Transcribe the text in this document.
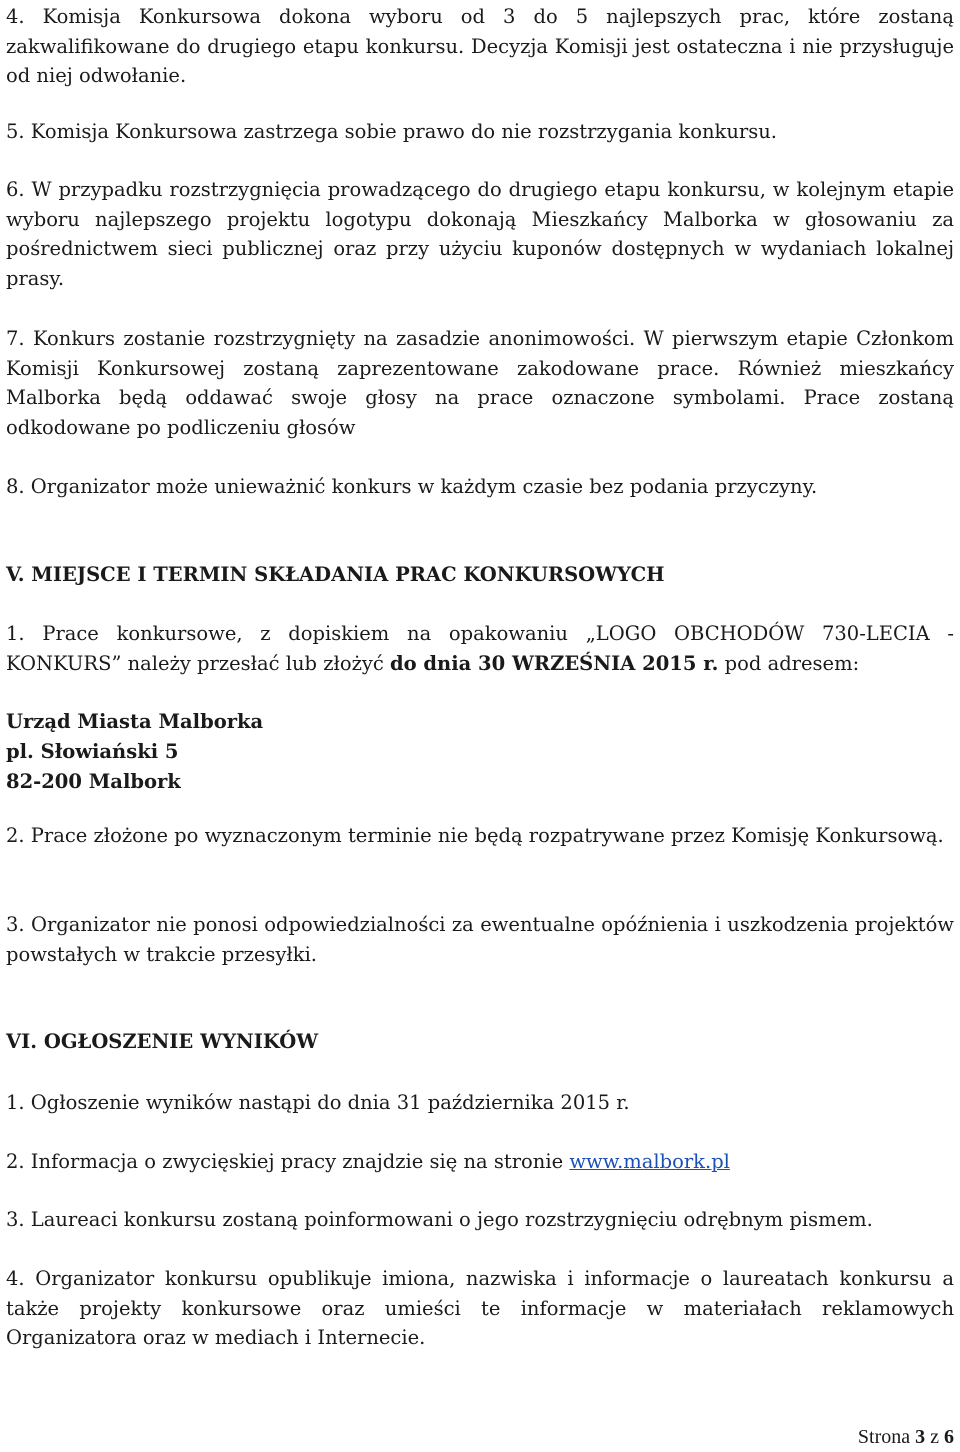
4. Komisja Konkursowa dokona wyboru od 3 do 5 najlepszych prac, które zostaną zakwalifikowane do drugiego etapu konkursu. Decyzja Komisji jest ostateczna i nie przysługuje od niej odwołanie.

5. Komisja Konkursowa zastrzega sobie prawo do nie rozstrzygania konkursu.

6. W przypadku rozstrzygnięcia prowadzącego do drugiego etapu konkursu, w kolejnym etapie wyboru najlepszego projektu logotypu dokonają Mieszkańcy Malborka w głosowaniu za pośrednictwem sieci publicznej oraz przy użyciu kuponów dostępnych w wydaniach lokalnej prasy.

7. Konkurs zostanie rozstrzygnięty na zasadzie anonimowości. W pierwszym etapie Członkom Komisji Konkursowej zostaną zaprezentowane zakodowane prace. Również mieszkańcy Malborka będą oddawać swoje głosy na prace oznaczone symbolami. Prace zostaną odkodowane po podliczeniu głosów

8. Organizator może unieważnić konkurs w każdym czasie bez podania przyczyny.

V. MIEJSCE I TERMIN SKŁADANIA PRAC KONKURSOWYCH

1. Prace konkursowe, z dopiskiem na opakowaniu „LOGO OBCHODÓW 730-LECIA - KONKURS” należy przesłać lub złożyć do dnia 30 WRZEŚNIA 2015 r. pod adresem:

Urząd Miasta Malborka

pl. Słowiański 5

82-200 Malbork

2. Prace złożone po wyznaczonym terminie nie będą rozpatrywane przez Komisję Konkursową.

3. Organizator nie ponosi odpowiedzialności za ewentualne opóźnienia i uszkodzenia projektów powstałych w trakcie przesyłki.

VI. OGŁOSZENIE WYNIKÓW

1. Ogłoszenie wyników nastąpi do dnia 31 października 2015 r.

2. Informacja o zwycięskiej pracy znajdzie się na stronie www.malbork.pl

3. Laureaci konkursu zostaną poinformowani o jego rozstrzygnięciu odrębnym pismem.

4. Organizator konkursu opublikuje imiona, nazwiska i informacje o laureatach konkursu a także projekty konkursowe oraz umieści te informacje w materiałach reklamowych Organizatora oraz w mediach i Internecie.

Strona 3 z 6
